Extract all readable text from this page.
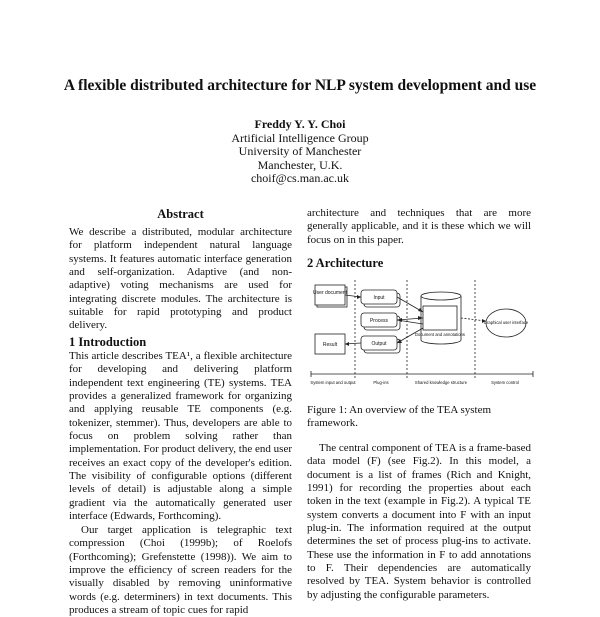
A flexible distributed architecture for NLP system development and use
Freddy Y. Y. Choi
Artificial Intelligence Group
University of Manchester
Manchester, U.K.
choif@cs.man.ac.uk
Abstract

We describe a distributed, modular architecture for platform independent natural language systems. It features automatic interface generation and self-organization. Adaptive (and non-adaptive) voting mechanisms are used for integrating discrete modules. The architecture is suitable for rapid prototyping and product delivery.

1 Introduction

This article describes TEA¹, a flexible architecture for developing and delivering platform independent text engineering (TE) systems. TEA provides a generalized framework for organizing and applying reusable TE components (e.g. tokenizer, stemmer). Thus, developers are able to focus on problem solving rather than implementation. For product delivery, the end user receives an exact copy of the developer's edition. The visibility of configurable options (different levels of detail) is adjustable along a simple gradient via the automatically generated user interface (Edwards, Forthcoming).

Our target application is telegraphic text compression (Choi (1999b); of Roelofs (Forthcoming); Grefenstette (1998)). We aim to improve the efficiency of screen readers for the visually disabled by removing uninformative words (e.g. determiners) in text documents. This produces a stream of topic cues for rapid

architecture and techniques that are more generally applicable, and it is these which we will focus on in this paper.

2 Architecture
User document
Input
Process
Output
Result
Document and annotations
Graphical user interface
System input and output	Plug-ins	Shared knowledge structure	System control

Figure 1: An overview of the TEA system framework.

The central component of TEA is a frame-based data model (F) (see Fig.2). In this model, a document is a list of frames (Rich and Knight, 1991) for recording the properties about each token in the text (example in Fig.2). A typical TE system converts a document into F with an input plug-in. The information required at the output determines the set of process plug-ins to activate. These use the information in F to add annotations to F. Their dependencies are automatically resolved by TEA. System behavior is controlled by adjusting the configurable parameters.
